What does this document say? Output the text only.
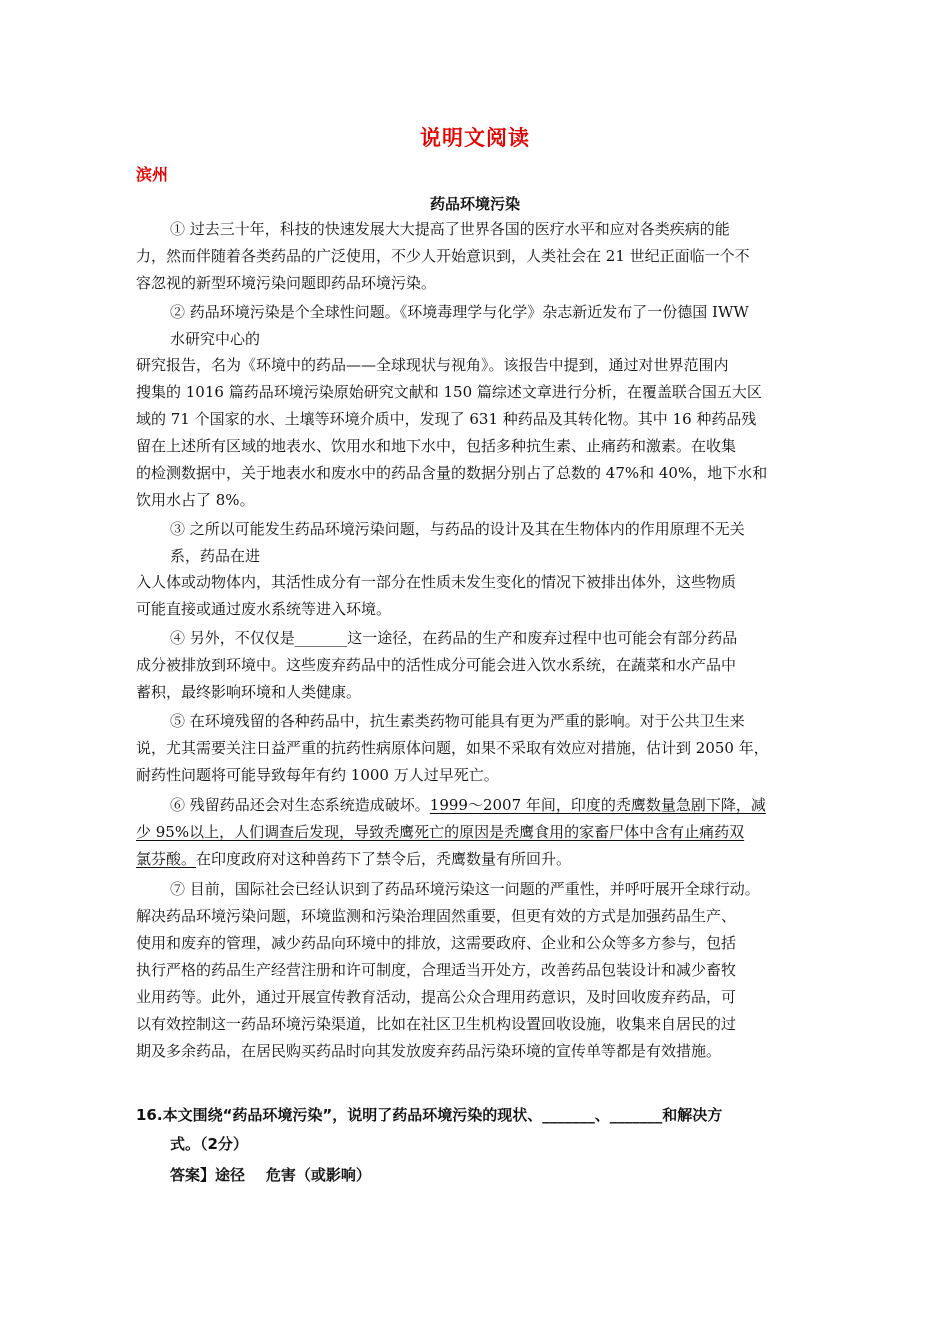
说明文阅读
滨州
药品环境污染
① 过去三十年，科技的快速发展大大提高了世界各国的医疗水平和应对各类疾病的能
力，然而伴随着各类药品的广泛使用，不少人开始意识到，人类社会在 21 世纪正面临一个不
容忽视的新型环境污染问题即药品环境污染。
② 药品环境污染是个全球性问题。《环境毒理学与化学》杂志新近发布了一份德国 IWW
水研究中心的
研究报告，名为《环境中的药品——全球现状与视角》。该报告中提到，通过对世界范围内
搜集的 1016 篇药品环境污染原始研究文献和 150 篇综述文章进行分析，在覆盖联合国五大区
域的 71 个国家的水、土壤等环境介质中，发现了 631 种药品及其转化物。其中 16 种药品残
留在上述所有区域的地表水、饮用水和地下水中，包括多种抗生素、止痛药和激素。在收集
的检测数据中，关于地表水和废水中的药品含量的数据分别占了总数的 47%和 40%，地下水和
饮用水占了 8%。
③ 之所以可能发生药品环境污染问题，与药品的设计及其在生物体内的作用原理不无关
系，药品在进
入人体或动物体内，其活性成分有一部分在性质未发生变化的情况下被排出体外，这些物质
可能直接或通过废水系统等进入环境。
④ 另外，不仅仅是_______这一途径，在药品的生产和废弃过程中也可能会有部分药品
成分被排放到环境中。这些废弃药品中的活性成分可能会进入饮水系统，在蔬菜和水产品中
蓄积，最终影响环境和人类健康。
⑤ 在环境残留的各种药品中，抗生素类药物可能具有更为严重的影响。对于公共卫生来
说，尤其需要关注日益严重的抗药性病原体问题，如果不采取有效应对措施，估计到 2050 年，
耐药性问题将可能导致每年有约 1000 万人过早死亡。
⑥ 残留药品还会对生态系统造成破坏。1999～2007 年间，印度的秃鹰数量急剧下降，减
少 95%以上，人们调查后发现，导致秃鹰死亡的原因是秃鹰食用的家畜尸体中含有止痛药双
氯芬酸。在印度政府对这种兽药下了禁令后，秃鹰数量有所回升。
⑦ 目前，国际社会已经认识到了药品环境污染这一问题的严重性，并呼吁展开全球行动。
解决药品环境污染问题，环境监测和污染治理固然重要，但更有效的方式是加强药品生产、
使用和废弃的管理，减少药品向环境中的排放，这需要政府、企业和公众等多方参与，包括
执行严格的药品生产经营注册和许可制度，合理适当开处方，改善药品包装设计和减少畜牧
业用药等。此外，通过开展宣传教育活动，提高公众合理用药意识，及时回收废弃药品，可
以有效控制这一药品环境污染渠道，比如在社区卫生机构设置回收设施，收集来自居民的过
期及多余药品，在居民购买药品时向其发放废弃药品污染环境的宣传单等都是有效措施。
16.本文围绕“药品环境污染”，说明了药品环境污染的现状、_______、_______和解决方
式。（2分）
答案】途径    危害（或影响）
